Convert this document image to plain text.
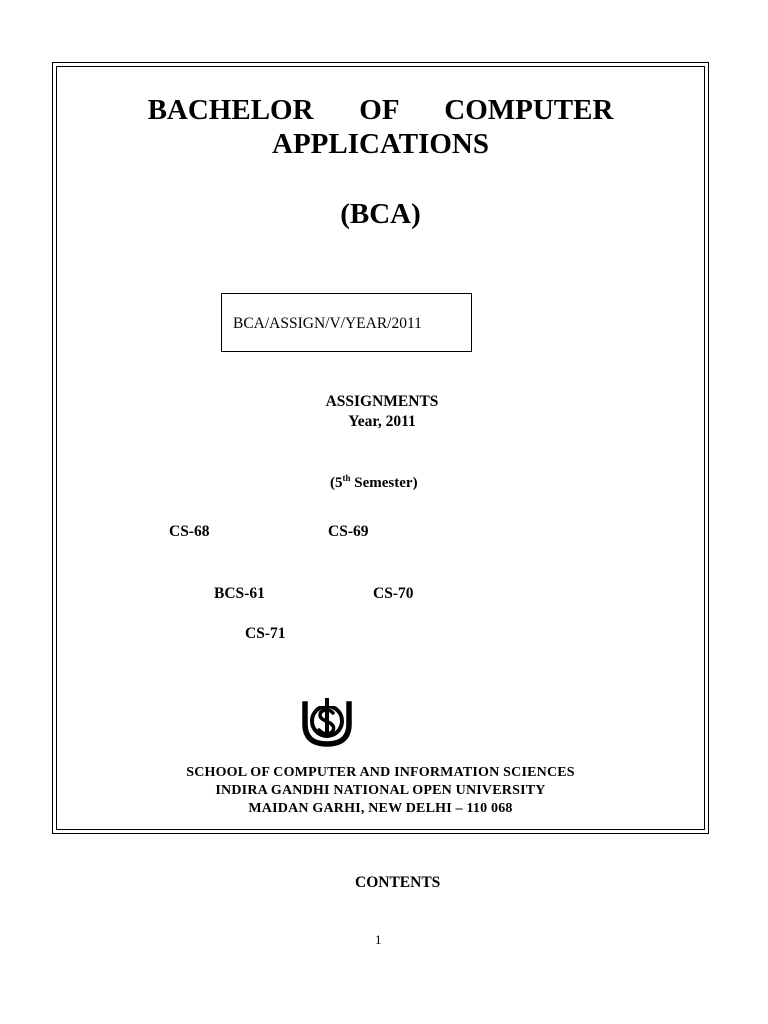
BACHELOR   OF   COMPUTER
APPLICATIONS
(BCA)
BCA/ASSIGN/V/YEAR/2011
ASSIGNMENTS
Year, 2011
(5th Semester)
CS-68	CS-69
BCS-61	CS-70
CS-71
SCHOOL OF COMPUTER AND INFORMATION SCIENCES
INDIRA GANDHI NATIONAL OPEN UNIVERSITY
MAIDAN GARHI, NEW DELHI – 110 068
CONTENTS
1
